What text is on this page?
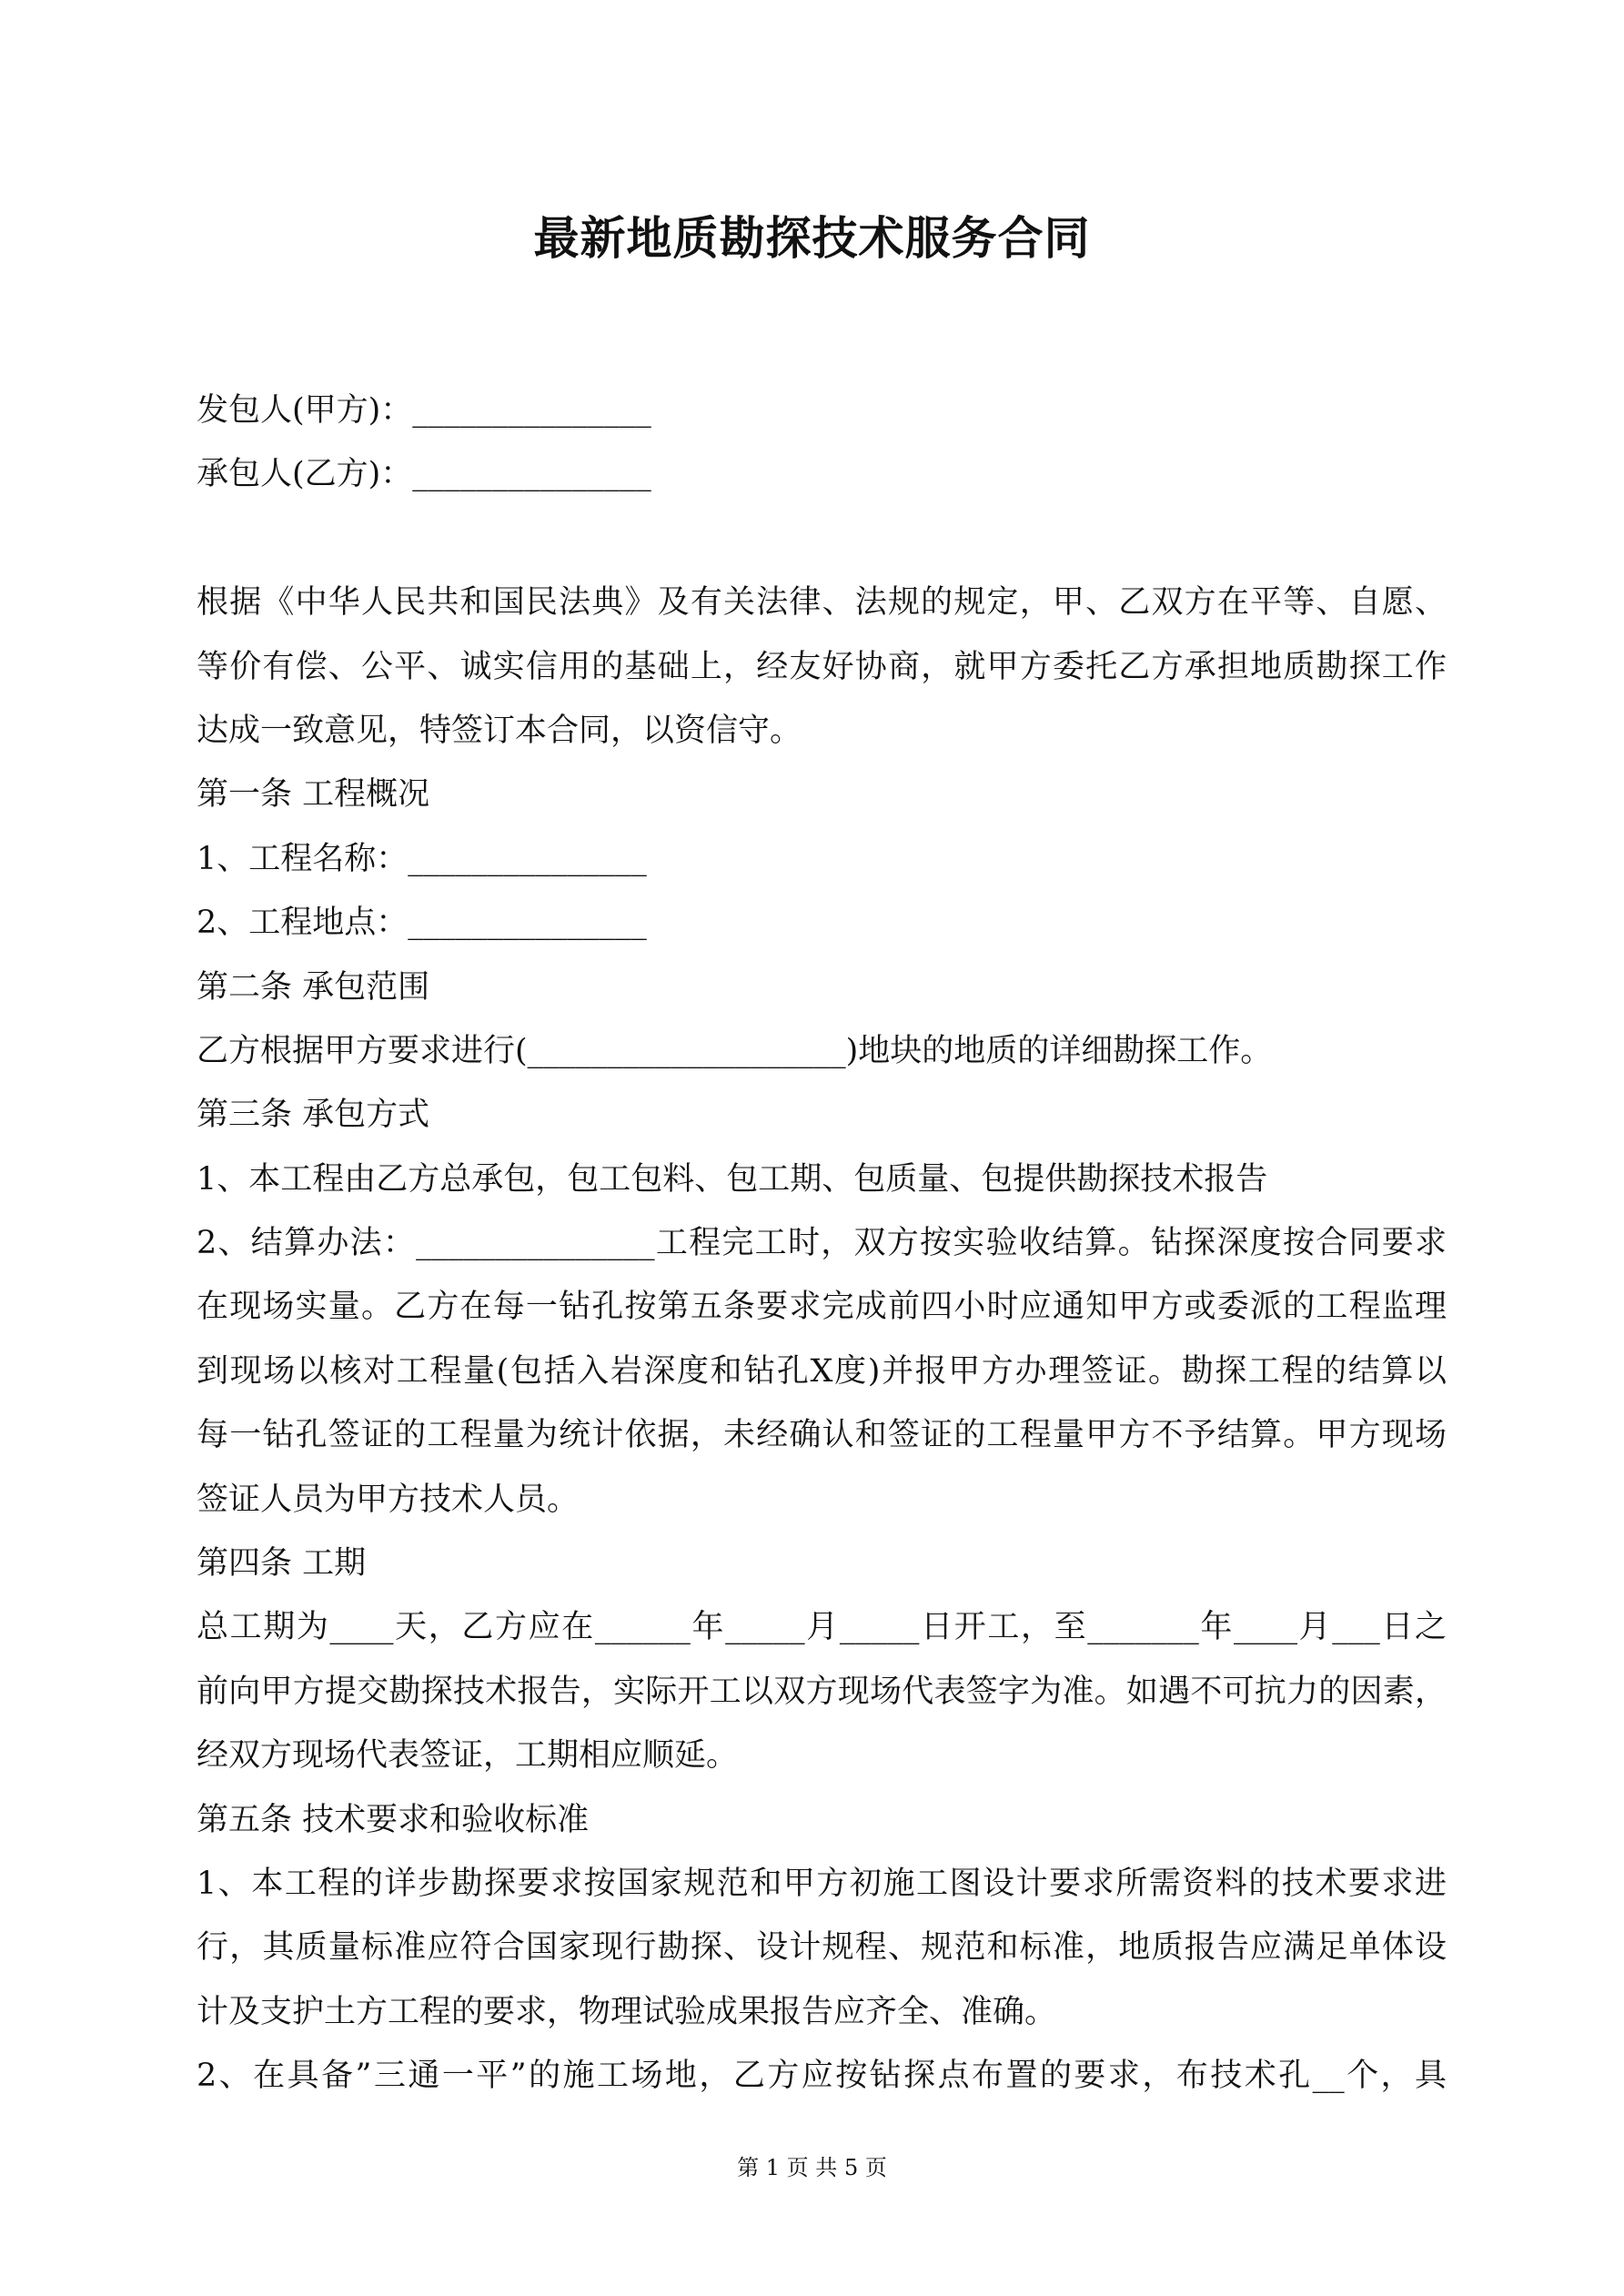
最新地质勘探技术服务合同
发包人(甲方)：_______________
承包人(乙方)：_______________
根据《中华人民共和国民法典》及有关法律、法规的规定，甲、乙双方在平等、自愿、
等价有偿、公平、诚实信用的基础上，经友好协商，就甲方委托乙方承担地质勘探工作
达成一致意见，特签订本合同，以资信守。
第一条 工程概况
1、工程名称：_______________
2、工程地点：_______________
第二条 承包范围
乙方根据甲方要求进行(____________________)地块的地质的详细勘探工作。
第三条 承包方式
1、本工程由乙方总承包，包工包料、包工期、包质量、包提供勘探技术报告
2、结算办法：_______________工程完工时，双方按实验收结算。钻探深度按合同要求
在现场实量。乙方在每一钻孔按第五条要求完成前四小时应通知甲方或委派的工程监理
到现场以核对工程量(包括入岩深度和钻孔X度)并报甲方办理签证。勘探工程的结算以
每一钻孔签证的工程量为统计依据，未经确认和签证的工程量甲方不予结算。甲方现场
签证人员为甲方技术人员。
第四条 工期
总工期为____天，乙方应在______年_____月_____日开工，至_______年____月___日之
前向甲方提交勘探技术报告，实际开工以双方现场代表签字为准。如遇不可抗力的因素，
经双方现场代表签证，工期相应顺延。
第五条 技术要求和验收标准
1、本工程的详步勘探要求按国家规范和甲方初施工图设计要求所需资料的技术要求进
行，其质量标准应符合国家现行勘探、设计规程、规范和标准，地质报告应满足单体设
计及支护土方工程的要求，物理试验成果报告应齐全、准确。
2、在具备”三通一平”的施工场地，乙方应按钻探点布置的要求，布技术孔__个，具
第 1 页 共 5 页
